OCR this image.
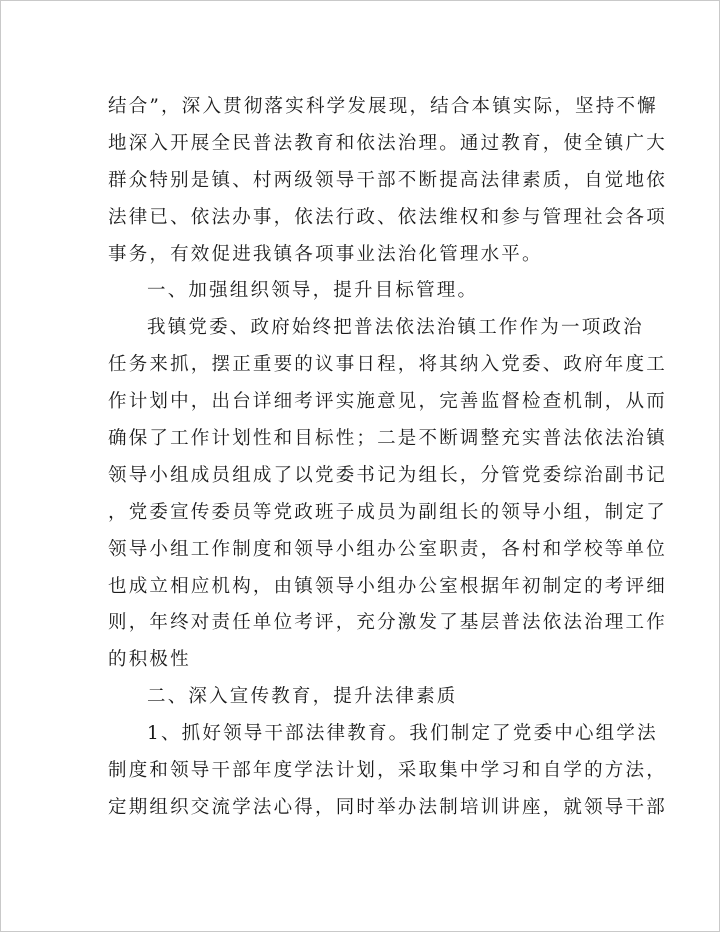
结合”，深入贯彻落实科学发展现，结合本镇实际，坚持不懈
地深入开展全民普法教育和依法治理。通过教育，使全镇广大
群众特别是镇、村两级领导干部不断提高法律素质，自觉地依
法律已、依法办事，依法行政、依法维权和参与管理社会各项
事务，有效促进我镇各项事业法治化管理水平。
一、加强组织领导，提升目标管理。
我镇党委、政府始终把普法依法治镇工作作为一项政治
任务来抓，摆正重要的议事日程，将其纳入党委、政府年度工
作计划中，出台详细考评实施意见，完善监督检查机制，从而
确保了工作计划性和目标性；二是不断调整充实普法依法治镇
领导小组成员组成了以党委书记为组长，分管党委综治副书记
，党委宣传委员等党政班子成员为副组长的领导小组，制定了
领导小组工作制度和领导小组办公室职责，各村和学校等单位
也成立相应机构，由镇领导小组办公室根据年初制定的考评细
则，年终对责任单位考评，充分激发了基层普法依法治理工作
的积极性
二、深入宣传教育，提升法律素质
1、抓好领导干部法律教育。我们制定了党委中心组学法
制度和领导干部年度学法计划，采取集中学习和自学的方法，
定期组织交流学法心得，同时举办法制培训讲座，就领导干部
